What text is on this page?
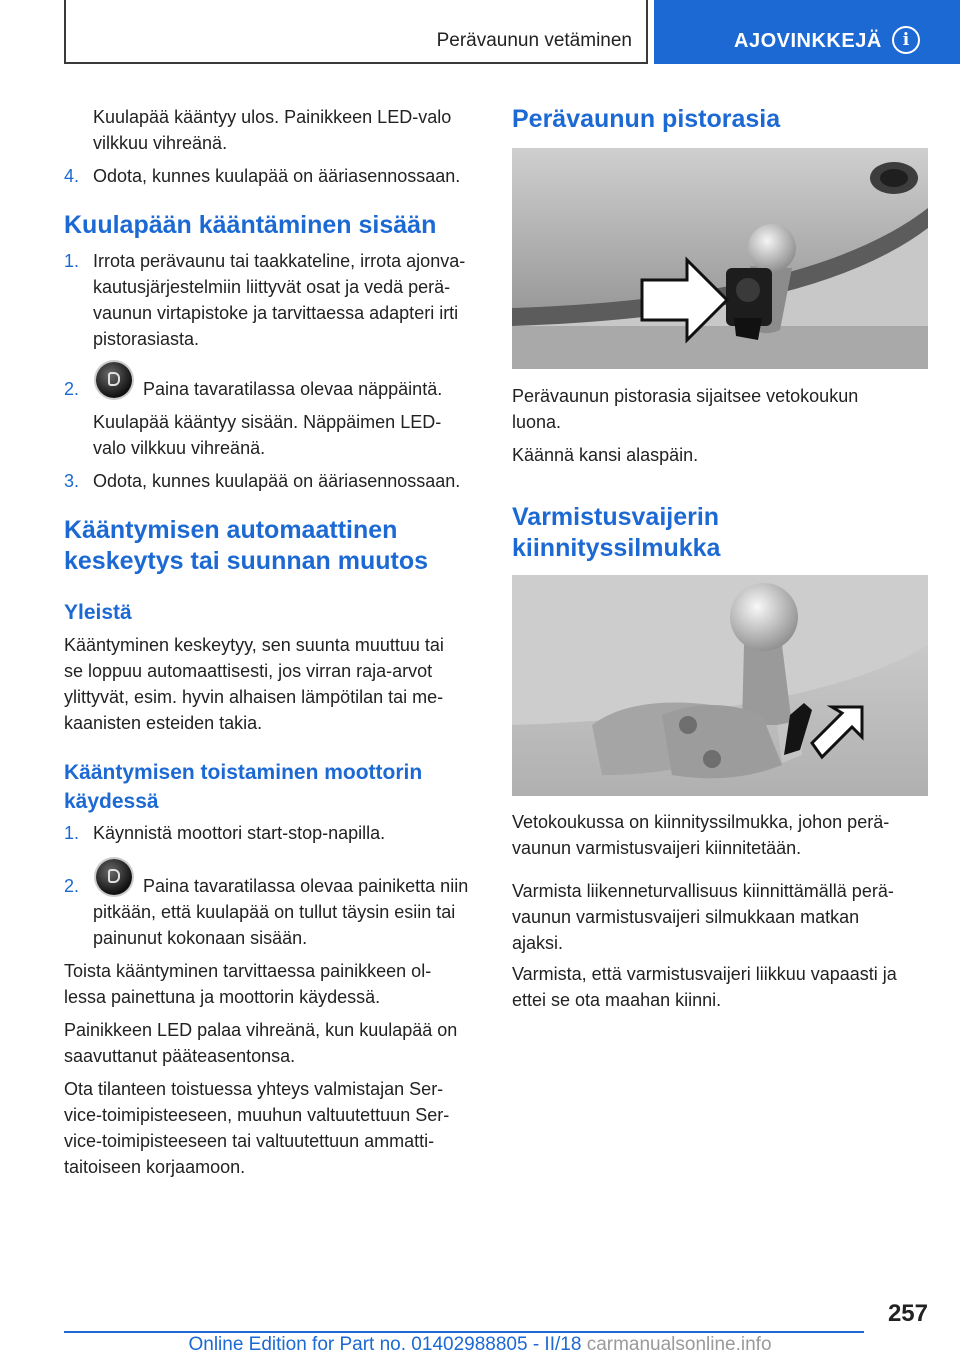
Perävaunun vetäminen	AJOVINKKEJÄ	i
Kuulapää kääntyy ulos. Painikkeen LED-valo
vilkkuu vihreänä.
4. Odota, kunnes kuulapää on ääriasennossaan.
Kuulapään kääntäminen sisään
1. Irrota perävaunu tai taakkateline, irrota ajonva-
kautusjärjestelmiin liittyvät osat ja vedä perä-
vaunun virtapistoke ja tarvittaessa adapteri irti
pistorasiasta.
2.	Paina tavaratilassa olevaa näppäintä.
Kuulapää kääntyy sisään. Näppäimen LED-
valo vilkkuu vihreänä.
3. Odota, kunnes kuulapää on ääriasennossaan.
Kääntymisen automaattinen
keskeytys tai suunnan muutos
Yleistä
Kääntyminen keskeytyy, sen suunta muuttuu tai
se loppuu automaattisesti, jos virran raja-arvot
ylittyvät, esim. hyvin alhaisen lämpötilan tai me-
kaanisten esteiden takia.
Kääntymisen toistaminen moottorin
käydessä
1. Käynnistä moottori start-stop-napilla.
2.	Paina tavaratilassa olevaa painiketta niin
pitkään, että kuulapää on tullut täysin esiin tai
painunut kokonaan sisään.
Toista kääntyminen tarvittaessa painikkeen ol-
lessa painettuna ja moottorin käydessä.
Painikkeen LED palaa vihreänä, kun kuulapää on
saavuttanut pääteasentonsa.
Ota tilanteen toistuessa yhteys valmistajan Ser-
vice-toimipisteeseen, muuhun valtuutettuun Ser-
vice-toimipisteeseen tai valtuutettuun ammatti-
taitoiseen korjaamoon.
Perävaunun pistorasia
Perävaunun pistorasia sijaitsee vetokoukun
luona.
Käännä kansi alaspäin.
Varmistusvaijerin
kiinnityssilmukka
Vetokoukussa on kiinnityssilmukka, johon perä-
vaunun varmistusvaijeri kiinnitetään.
Varmista liikenneturvallisuus kiinnittämällä perä-
vaunun varmistusvaijeri silmukkaan matkan
ajaksi.
Varmista, että varmistusvaijeri liikkuu vapaasti ja
ettei se ota maahan kiinni.
257
Online Edition for Part no. 01402988805 - II/18 carmanualsonline.info
